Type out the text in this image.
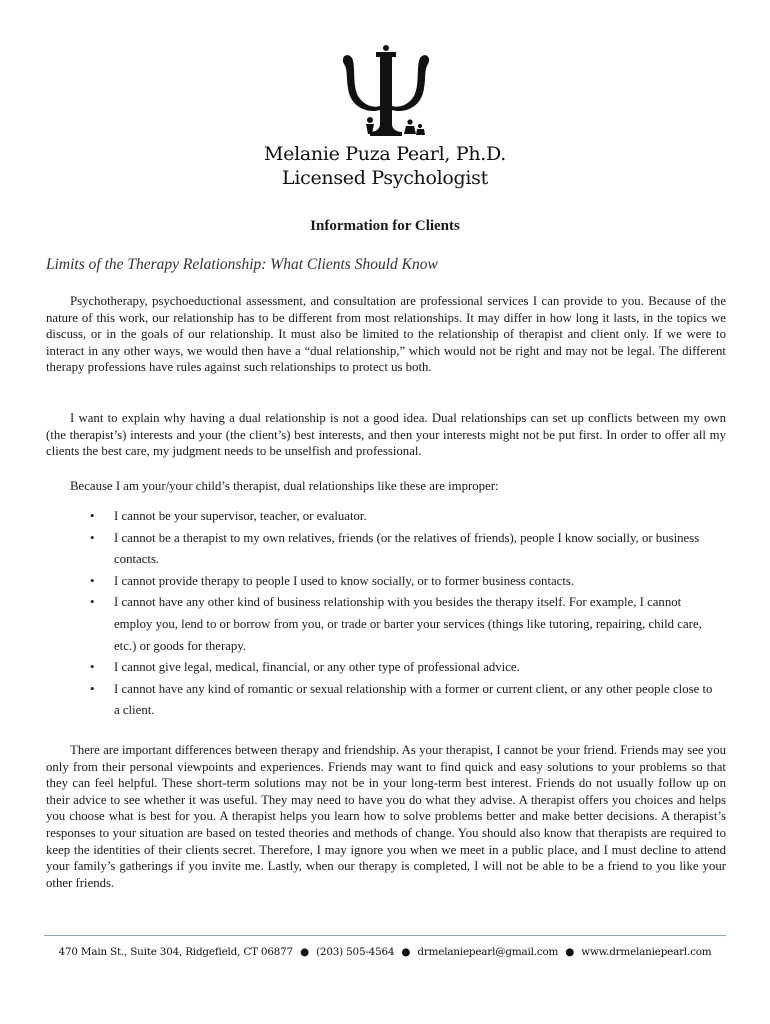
Melanie Puza Pearl, Ph.D.
Licensed Psychologist
Information for Clients
Limits of the Therapy Relationship: What Clients Should Know

Psychotherapy, psychoeductional assessment, and consultation are professional services I can provide to you. Because of the nature of this work, our relationship has to be different from most relationships. It may differ in how long it lasts, in the topics we discuss, or in the goals of our relationship. It must also be limited to the relationship of therapist and client only. If we were to interact in any other ways, we would then have a “dual relationship,” which would not be right and may not be legal. The different therapy professions have rules against such relationships to protect us both.

I want to explain why having a dual relationship is not a good idea. Dual relationships can set up conflicts between my own (the therapist’s) interests and your (the client’s) best interests, and then your interests might not be put first. In order to offer all my clients the best care, my judgment needs to be unselfish and professional.

Because I am your/your child’s therapist, dual relationships like these are improper:

• I cannot be your supervisor, teacher, or evaluator.
• I cannot be a therapist to my own relatives, friends (or the relatives of friends), people I know socially, or business contacts.
• I cannot provide therapy to people I used to know socially, or to former business contacts.
• I cannot have any other kind of business relationship with you besides the therapy itself. For example, I cannot employ you, lend to or borrow from you, or trade or barter your services (things like tutoring, repairing, child care, etc.) or goods for therapy.
• I cannot give legal, medical, financial, or any other type of professional advice.
• I cannot have any kind of romantic or sexual relationship with a former or current client, or any other people close to a client.

There are important differences between therapy and friendship. As your therapist, I cannot be your friend. Friends may see you only from their personal viewpoints and experiences. Friends may want to find quick and easy solutions to your problems so that they can feel helpful. These short-term solutions may not be in your long-term best interest. Friends do not usually follow up on their advice to see whether it was useful. They may need to have you do what they advise. A therapist offers you choices and helps you choose what is best for you. A therapist helps you learn how to solve problems better and make better decisions. A therapist’s responses to your situation are based on tested theories and methods of change. You should also know that therapists are required to keep the identities of their clients secret. Therefore, I may ignore you when we meet in a public place, and I must decline to attend your family’s gatherings if you invite me. Lastly, when our therapy is completed, I will not be able to be a friend to you like your other friends.

470 Main St., Suite 304, Ridgefield, CT 06877 ● (203) 505-4564 ● drmelaniepearl@gmail.com ● www.drmelaniepearl.com
